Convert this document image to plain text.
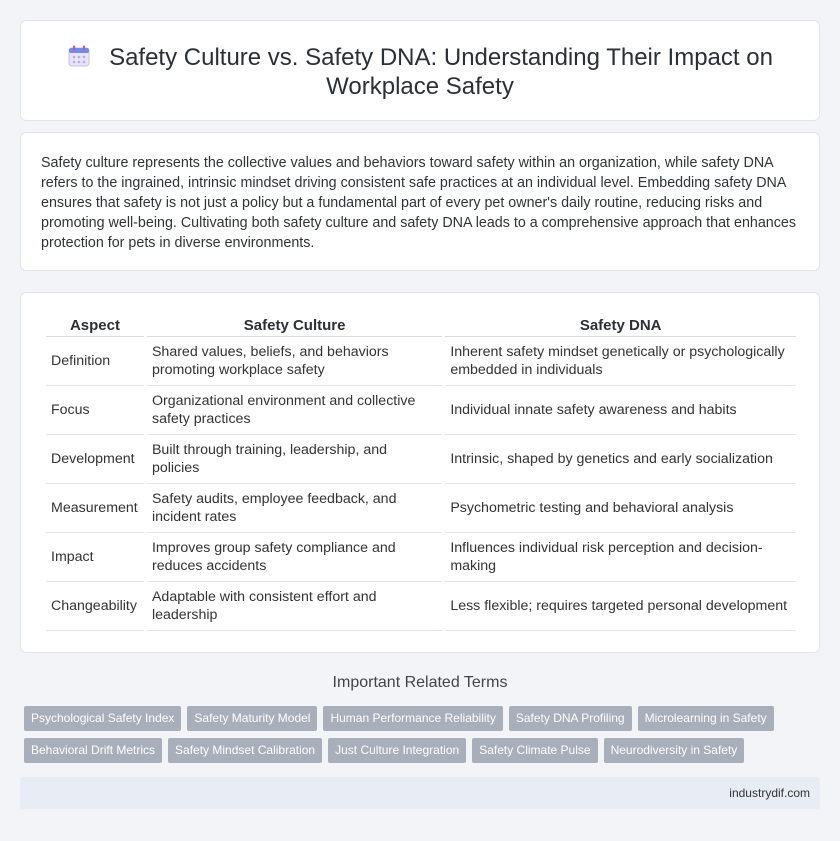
Safety Culture vs. Safety DNA: Understanding Their Impact on
Workplace Safety

Safety culture represents the collective values and behaviors toward safety within an organization, while safety DNA refers to the ingrained, intrinsic mindset driving consistent safe practices at an individual level. Embedding safety DNA ensures that safety is not just a policy but a fundamental part of every pet owner's daily routine, reducing risks and promoting well-being. Cultivating both safety culture and safety DNA leads to a comprehensive approach that enhances protection for pets in diverse environments.

Aspect	Safety Culture	Safety DNA
Definition	Shared values, beliefs, and behaviors promoting workplace safety	Inherent safety mindset genetically or psychologically embedded in individuals
Focus	Organizational environment and collective safety practices	Individual innate safety awareness and habits
Development	Built through training, leadership, and policies	Intrinsic, shaped by genetics and early socialization
Measurement	Safety audits, employee feedback, and incident rates	Psychometric testing and behavioral analysis
Impact	Improves group safety compliance and reduces accidents	Influences individual risk perception and decision-making
Changeability	Adaptable with consistent effort and leadership	Less flexible; requires targeted personal development
Important Related Terms
Psychological Safety Index	Safety Maturity Model	Human Performance Reliability	Safety DNA Profiling	Microlearning in Safety
Behavioral Drift Metrics	Safety Mindset Calibration	Just Culture Integration	Safety Climate Pulse	Neurodiversity in Safety
industrydif.com
